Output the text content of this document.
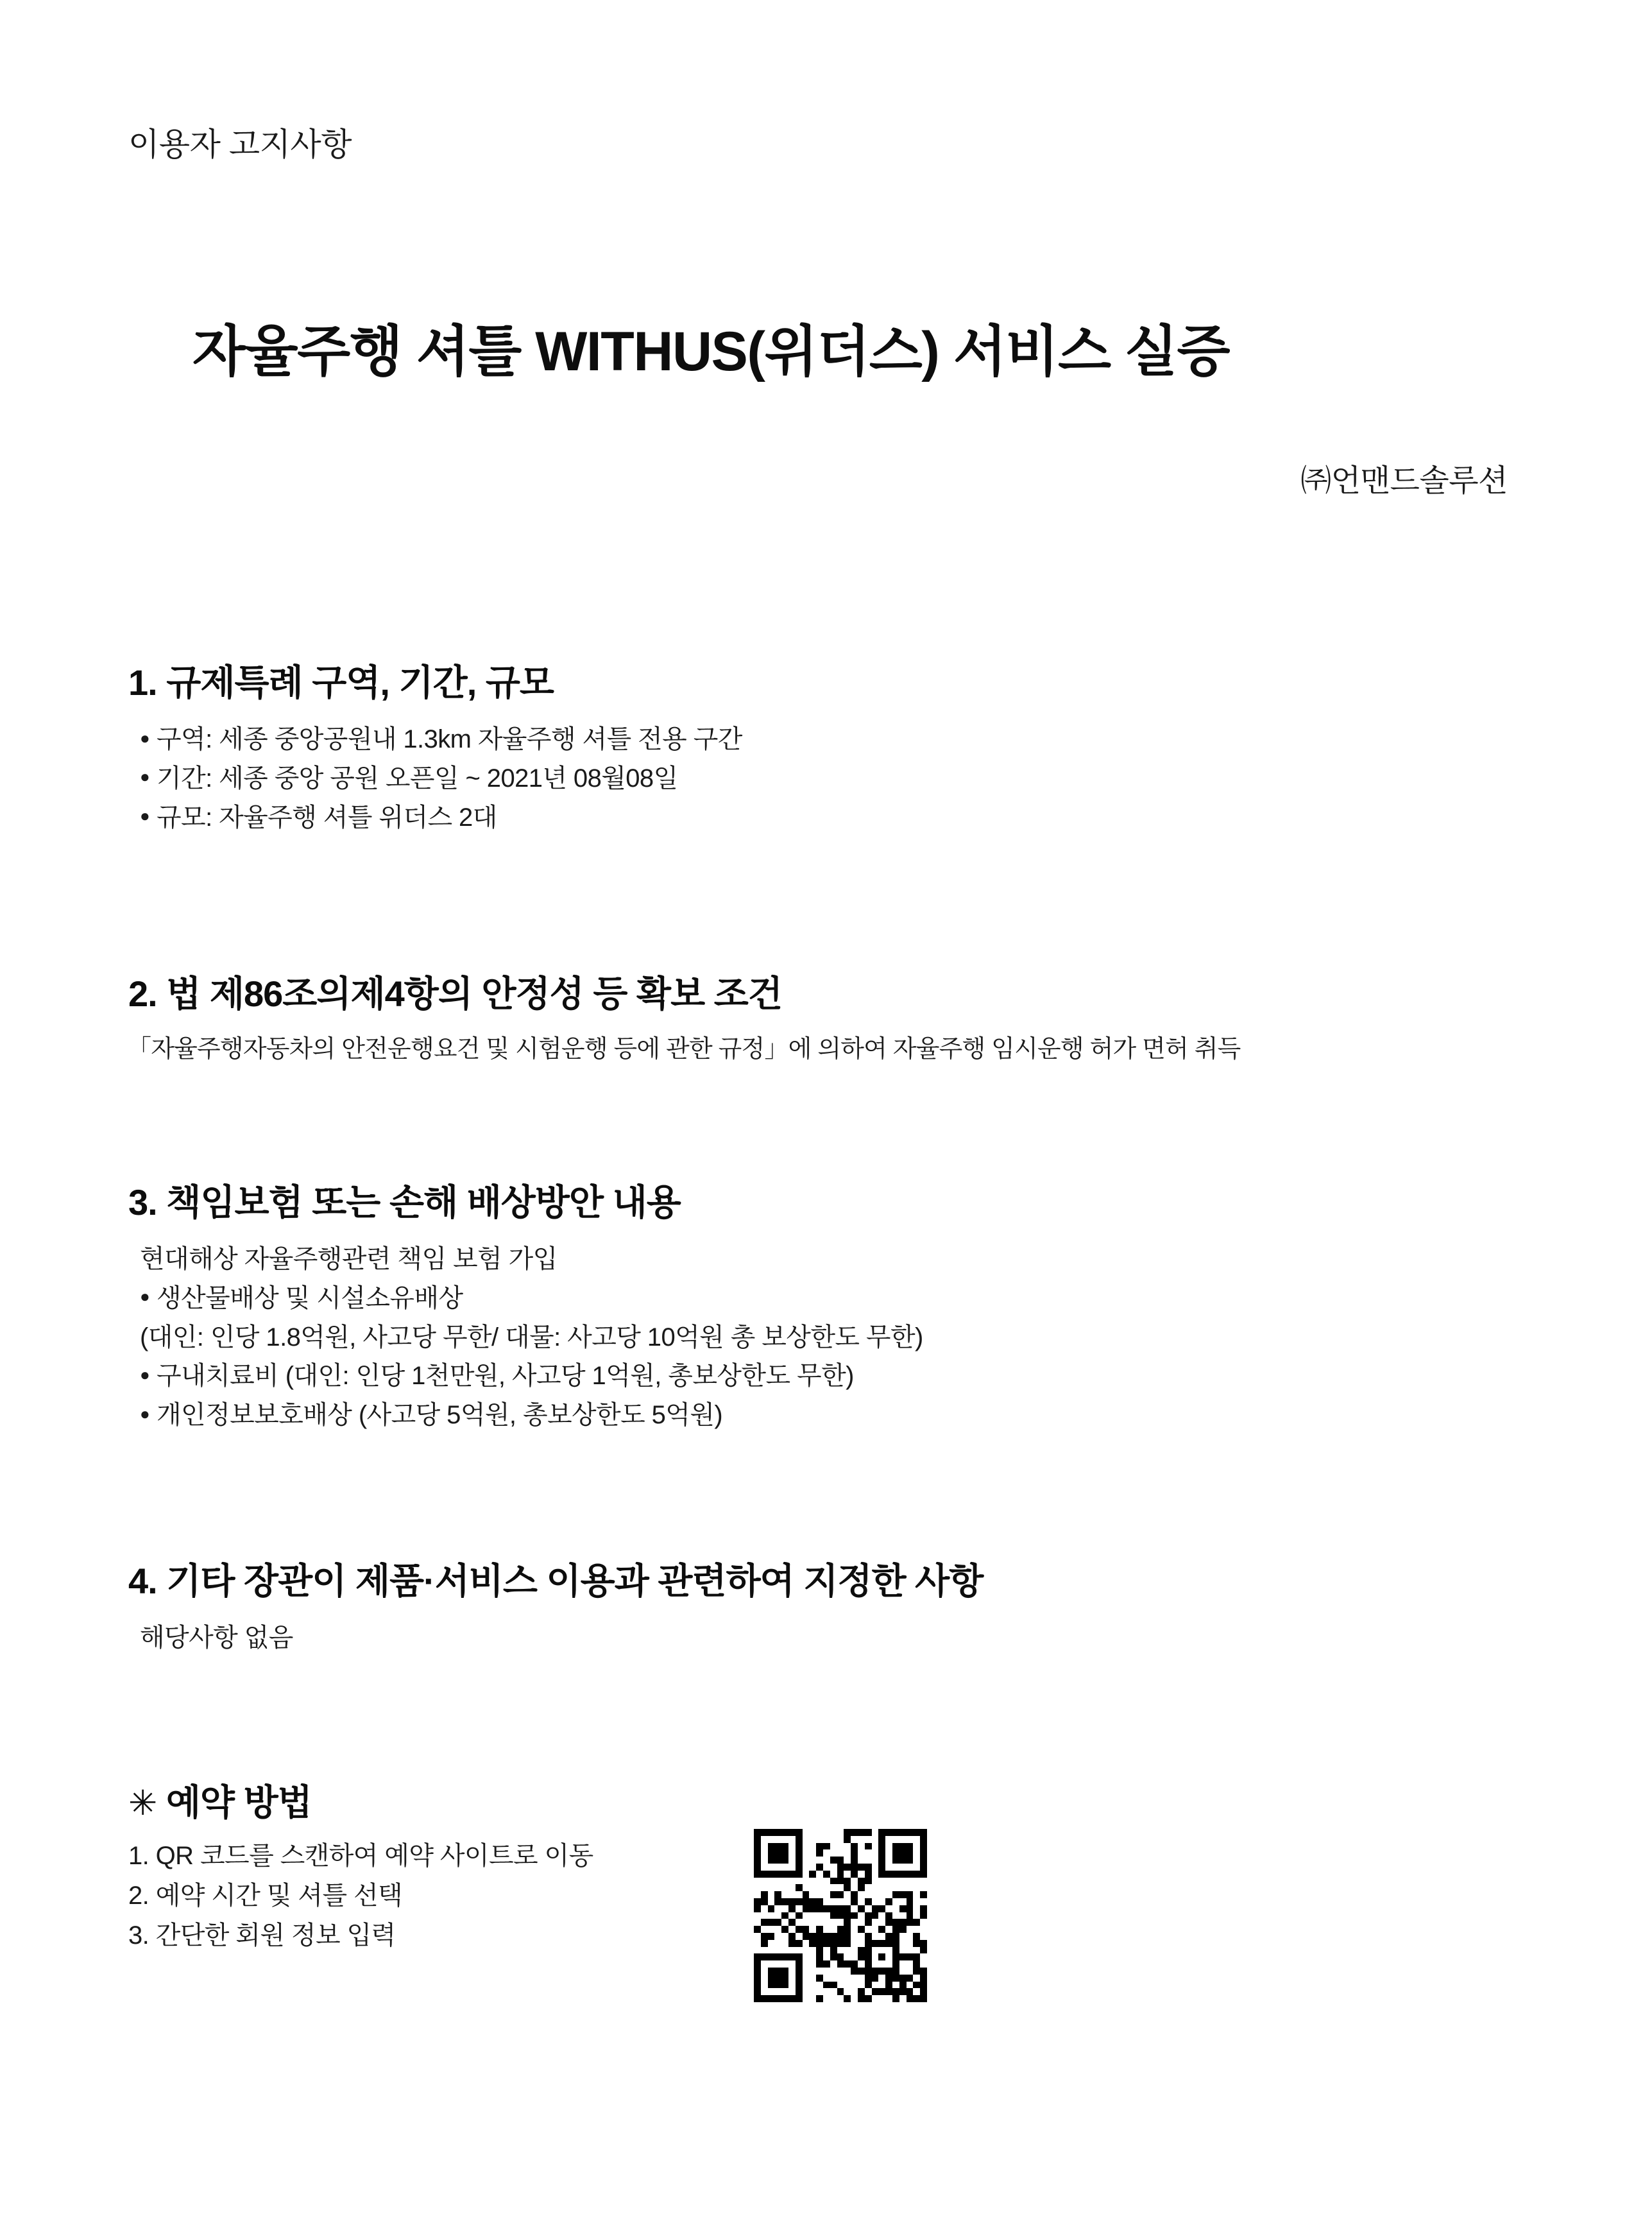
이용자 고지사항
자율주행 셔틀 WITHUS(위더스) 서비스 실증
㈜언맨드솔루션
1. 규제특례 구역, 기간, 규모

● 구역: 세종 중앙공원내 1.3km 자율주행 셔틀 전용 구간

● 기간: 세종 중앙 공원 오픈일 ~ 2021년 08월08일

● 규모: 자율주행 셔틀 위더스 2대

2. 법 제86조의제4항의 안정성 등 확보 조건

「자율주행자동차의 안전운행요건 및 시험운행 등에 관한 규정」에 의하여 자율주행 임시운행 허가 면허 취득

3. 책임보험 또는 손해 배상방안 내용

현대해상 자율주행관련 책임 보험 가입

● 생산물배상 및 시설소유배상

(대인: 인당 1.8억원, 사고당 무한/ 대물: 사고당 10억원 총 보상한도 무한)

● 구내치료비 (대인: 인당 1천만원, 사고당 1억원, 총보상한도 무한)

● 개인정보보호배상 (사고당 5억원, 총보상한도 5억원)

4. 기타 장관이 제품·서비스 이용과 관련하여 지정한 사항

해당사항 없음

✳ 예약 방법

1. QR 코드를 스캔하여 예약 사이트로 이동

2. 예약 시간 및 셔틀 선택

3. 간단한 회원 정보 입력
